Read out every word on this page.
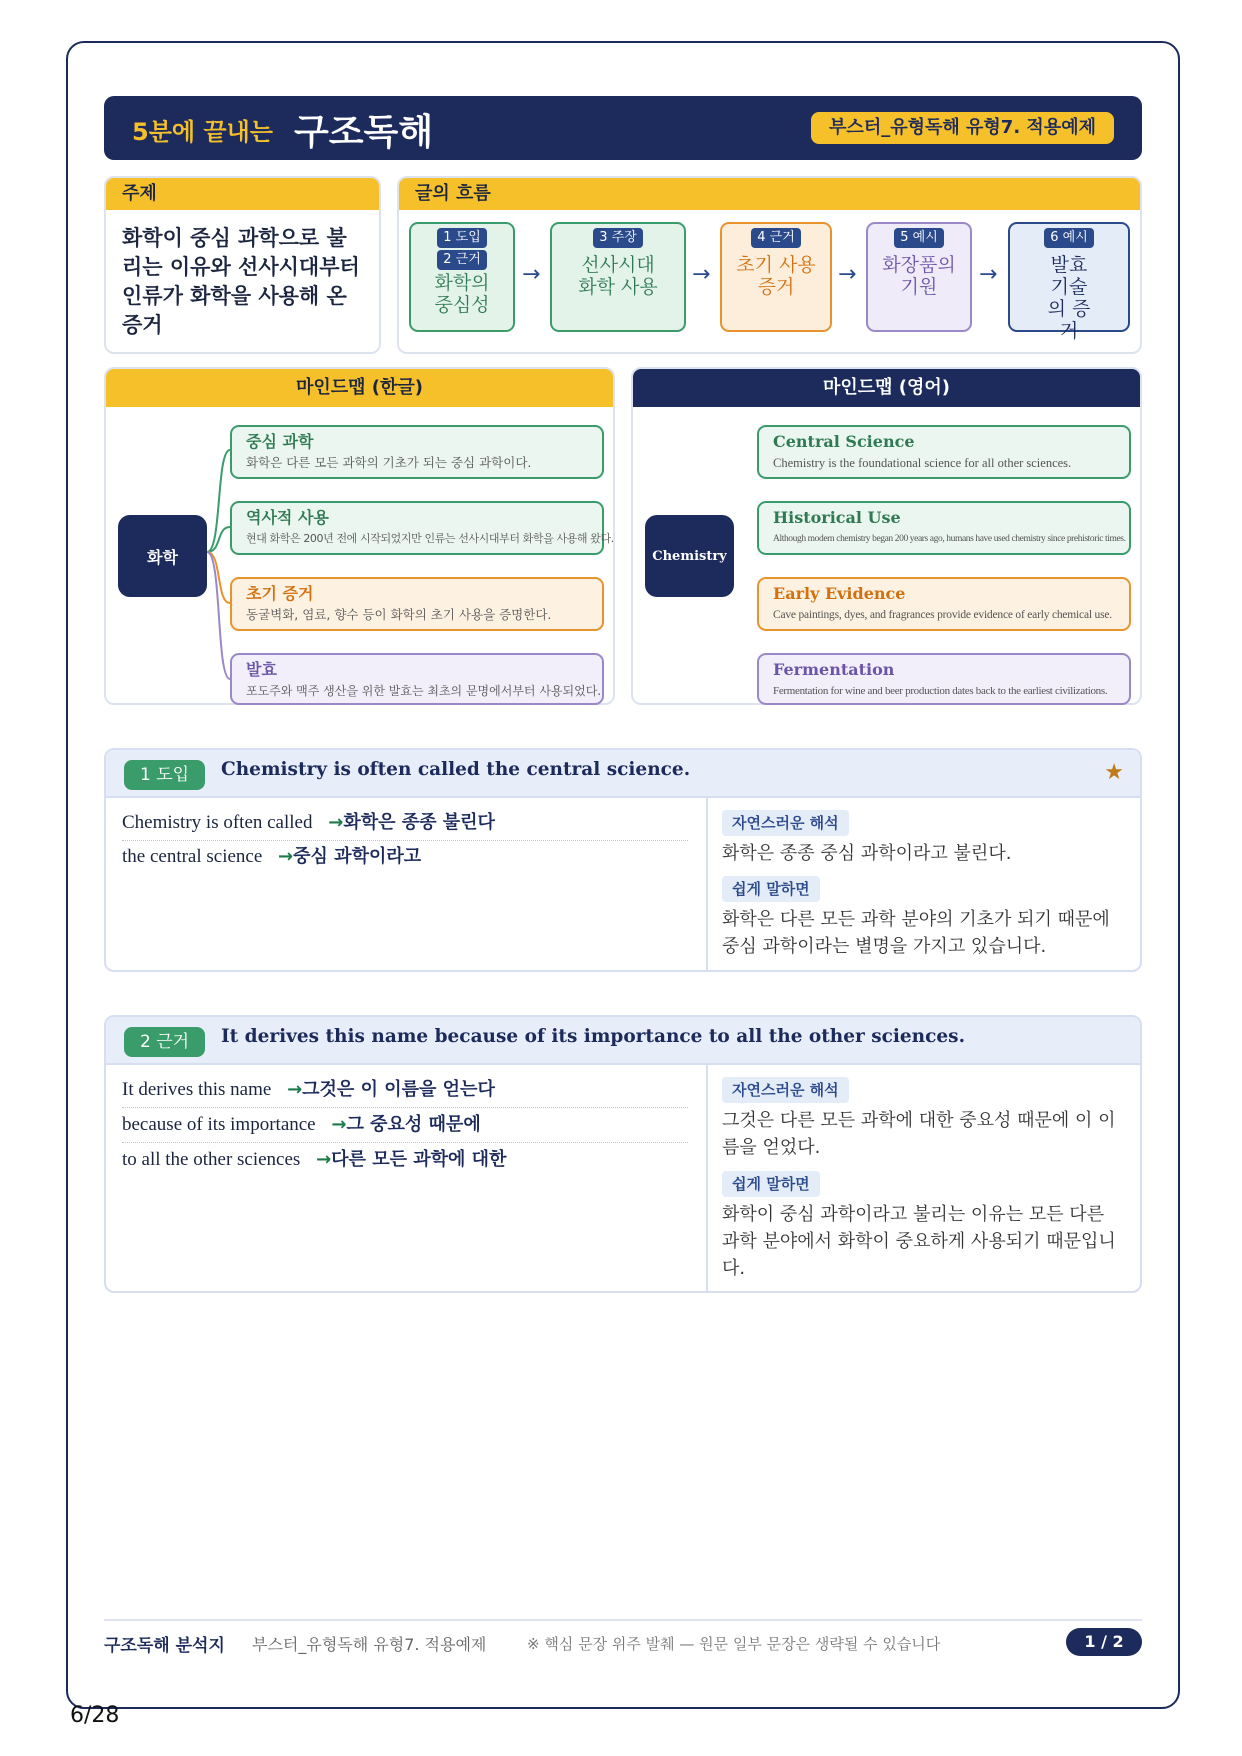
5분에 끝내는 구조독해	부스터_유형독해 유형7. 적용예제
주제
화학이 중심 과학으로 불리는 이유와 선사시대부터 인류가 화학을 사용해 온 증거
글의 흐름
1 도입
2 근거
화학의 중심성
→
3 주장
선사시대 화학 사용 →
4 근거
초기 사용 증거	→
5 예시
화장품의 기원	→
6 예시
발효 기술의 증거
마인드맵 (한글)
화학
중심 과학
화학은 다른 모든 과학의 기초가 되는 중심 과학이다.
역사적 사용
현대 화학은 200년 전에 시작되었지만 인류는 선사시대부터 화학을 사용해 왔다.
초기 증거
동굴벽화, 염료, 향수 등이 화학의 초기 사용을 증명한다.
발효
포도주와 맥주 생산을 위한 발효는 최초의 문명에서부터 사용되었다.
마인드맵 (영어)
Chemistry
Central Science
Chemistry is the foundational science for all other sciences.
Historical Use
Although modern chemistry began 200 years ago, humans have used chemistry since prehistoric times.
Early Evidence
Cave paintings, dyes, and fragrances provide evidence of early chemical use.
Fermentation
Fermentation for wine and beer production dates back to the earliest civilizations.
1 도입	Chemistry is often called the central science.	★
Chemistry is often called →화학은 종종 불린다
the central science →중심 과학이라고
자연스러운 해석
화학은 종종 중심 과학이라고 불린다.
쉽게 말하면
화학은 다른 모든 과학 분야의 기초가 되기 때문에 중심 과학이라는 별명을 가지고 있습니다.
2 근거	It derives this name because of its importance to all the other sciences.
It derives this name →그것은 이 이름을 얻는다
because of its importance →그 중요성 때문에
to all the other sciences →다른 모든 과학에 대한
자연스러운 해석
그것은 다른 모든 과학에 대한 중요성 때문에 이 이름을 얻었다.
쉽게 말하면
화학이 중심 과학이라고 불리는 이유는 모든 다른 과학 분야에서 화학이 중요하게 사용되기 때문입니다.
구조독해 분석지 부스터_유형독해 유형7. 적용예제	※ 핵심 문장 위주 발췌 — 원문 일부 문장은 생략될 수 있습니다	1 / 2
6/28
